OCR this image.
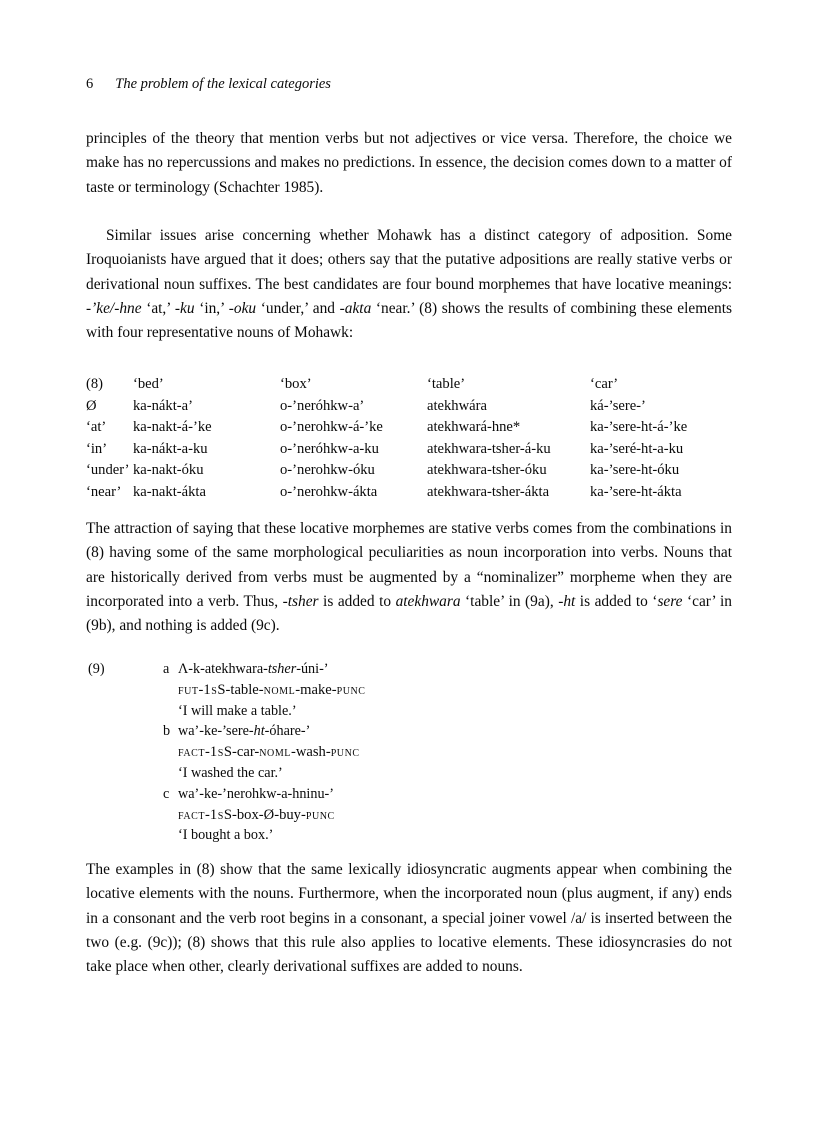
6 The problem of the lexical categories

principles of the theory that mention verbs but not adjectives or vice versa. Therefore, the choice we make has no repercussions and makes no predictions. In essence, the decision comes down to a matter of taste or terminology (Schachter 1985).

Similar issues arise concerning whether Mohawk has a distinct category of adposition. Some Iroquoianists have argued that it does; others say that the putative adpositions are really stative verbs or derivational noun suffixes. The best candidates are four bound morphemes that have locative meanings: -’ke/-hne ‘at,’ -ku ‘in,’ -oku ‘under,’ and -akta ‘near.’ (8) shows the results of combining these elements with four representative nouns of Mohawk:

(8) ‘bed’	‘box’	‘table’	‘car’
Ø ka-nákt-a’	o-’neróhkw-a’	atekhwára	ká-’sere-’
‘at’ ka-nakt-á-’ke	o-’nerohkw-á-’ke	atekhwará-hne*	ka-’sere-ht-á-’ke
‘in’ ka-nákt-a-ku	o-’neróhkw-a-ku	atekhwara-tsher-á-ku	ka-’seré-ht-a-ku
‘under’ ka-nakt-óku	o-’nerohkw-óku	atekhwara-tsher-óku	ka-’sere-ht-óku
‘near’ ka-nakt-ákta	o-’nerohkw-ákta	atekhwara-tsher-ákta	ka-’sere-ht-ákta

The attraction of saying that these locative morphemes are stative verbs comes from the combinations in (8) having some of the same morphological peculiarities as noun incorporation into verbs. Nouns that are historically derived from verbs must be augmented by a “nominalizer” morpheme when they are incorporated into a verb. Thus, -tsher is added to atekhwara ‘table’ in (9a), -ht is added to ‘sere ‘car’ in (9b), and nothing is added (9c).

(9)	a Λ-k-atekhwara-tsher-úni-’
fut-1sS-table-noml-make-punc
‘I will make a table.’
b wa’-ke-’sere-ht-óhare-’
fact-1sS-car-noml-wash-punc
‘I washed the car.’
c wa’-ke-’nerohkw-a-hninu-’
fact-1sS-box-Ø-buy-punc
‘I bought a box.’

The examples in (8) show that the same lexically idiosyncratic augments appear when combining the locative elements with the nouns. Furthermore, when the incorporated noun (plus augment, if any) ends in a consonant and the verb root begins in a consonant, a special joiner vowel /a/ is inserted between the two (e.g. (9c)); (8) shows that this rule also applies to locative elements. These idiosyncrasies do not take place when other, clearly derivational suffixes are added to nouns.
